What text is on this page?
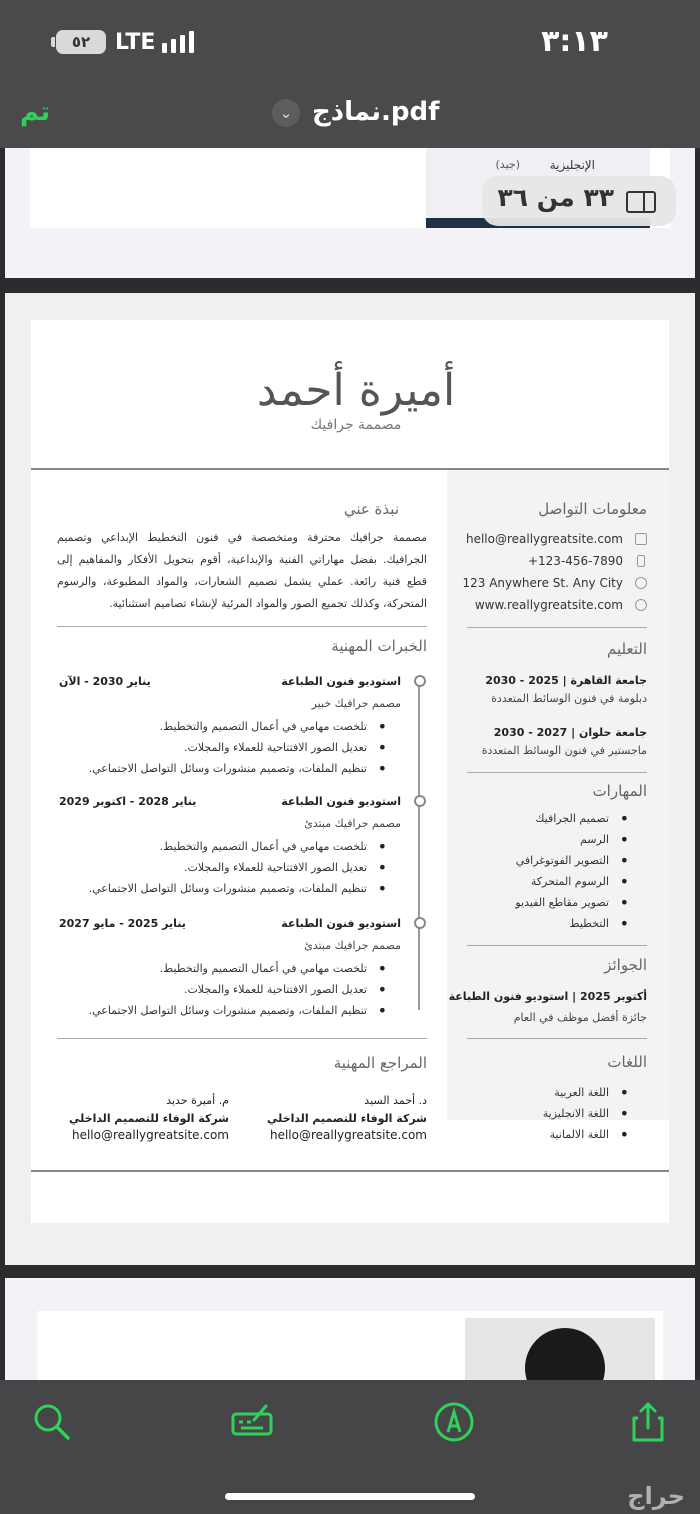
٥٢	LTE	٣:١٣
تم	⌄ نماذج.pdf
الإنجليزية
(جيد)
٣٣ من ٣٦
أميرة أحمد
مصممة جرافيك
معلومات التواصل
hello@reallygreatsite.com
+123-456-7890
123 Anywhere St. Any City
www.reallygreatsite.com
التعليم
جامعة القاهرة | 2025 - 2030
دبلومة في فنون الوسائط المتعددة
جامعة حلوان | 2027 - 2030
ماجستير في فنون الوسائط المتعددة
المهارات
تصميم الجرافيك •
الرسم •
التصوير الفوتوغرافي •
الرسوم المتحركة •
تصوير مقاطع الفيديو •
التخطيط •
الجوائز
أكتوبر 2025 | استوديو فنون الطباعة
جائزة أفضل موظف في العام
اللغات
اللغة العربية •
اللغة الانجليزية •
اللغة الالمانية •
نبذة عني
مصممة جرافيك محترفة ومتخصصة في فنون التخطيط الإبداعي وتصميم الجرافيك. بفضل مهاراتي الفنية والإبداعية، أقوم بتحويل الأفكار والمفاهيم إلى قطع فنية رائعة. عملي يشمل تصميم الشعارات، والمواد المطبوعة، والرسوم المتحركة، وكذلك تجميع الصور والمواد المرئية لإنشاء تصاميم استثنائية.
الخبرات المهنية
استوديو فنون الطباعة
يناير 2030 - الآن
مصمم جرافيك خبير
تلخصت مهامي في أعمال التصميم والتخطيط. •
تعديل الصور الافتتاحية للعملاء والمجلات. •
تنظيم الملفات، وتصميم منشورات وسائل التواصل الاجتماعي. •
استوديو فنون الطباعة
يناير 2028 - اكتوبر 2029
مصمم جرافيك مبتدئ
تلخصت مهامي في أعمال التصميم والتخطيط. •
تعديل الصور الافتتاحية للعملاء والمجلات. •
تنظيم الملفات، وتصميم منشورات وسائل التواصل الاجتماعي. •
استوديو فنون الطباعة
يناير 2025 - مايو 2027
مصمم جرافيك مبتدئ
تلخصت مهامي في أعمال التصميم والتخطيط. •
تعديل الصور الافتتاحية للعملاء والمجلات. •
تنظيم الملفات، وتصميم منشورات وسائل التواصل الاجتماعي. •
المراجع المهنية
د. أحمد السيد
شركة الوفاء للتصميم الداخلي
hello@reallygreatsite.com
م. أميرة حديد
شركة الوفاء للتصميم الداخلي
hello@reallygreatsite.com
حراج
